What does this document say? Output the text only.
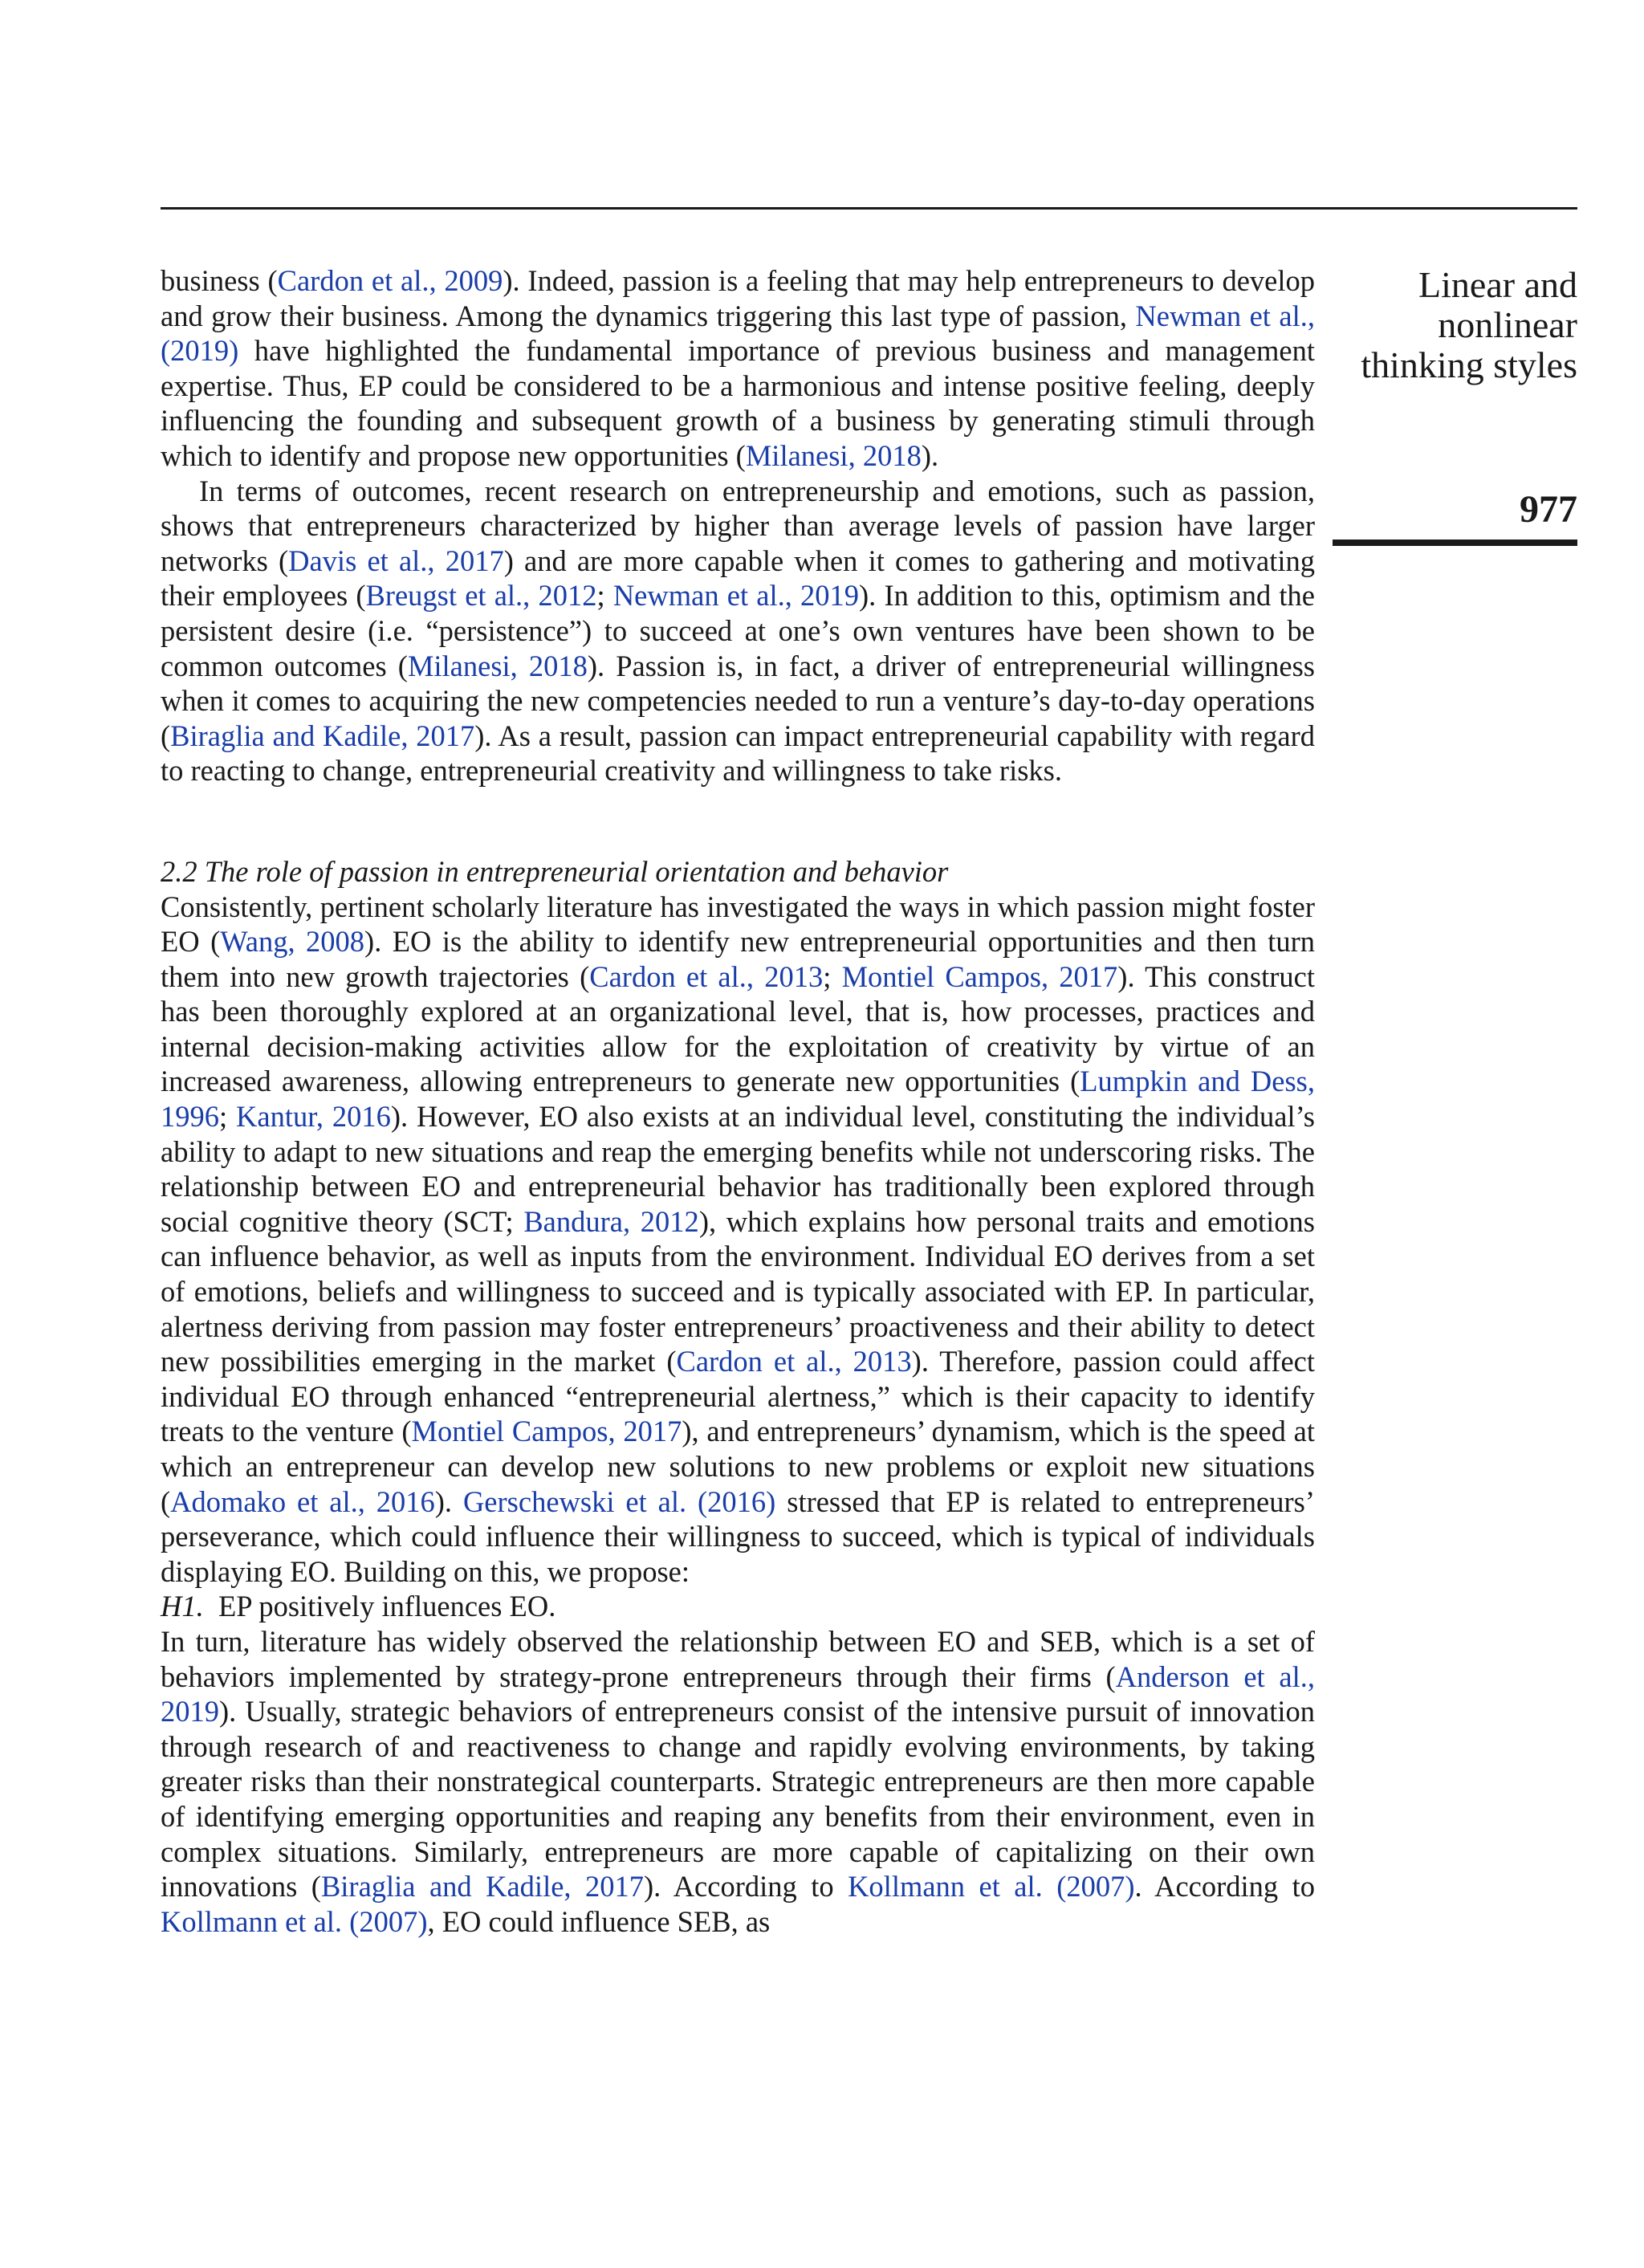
Linear and
nonlinear
thinking styles
977

business (Cardon et al., 2009). Indeed, passion is a feeling that may help entrepreneurs to develop and grow their business. Among the dynamics triggering this last type of passion, Newman et al., (2019) have highlighted the fundamental importance of previous business and management expertise. Thus, EP could be considered to be a harmonious and intense positive feeling, deeply influencing the founding and subsequent growth of a business by generating stimuli through which to identify and propose new opportunities (Milanesi, 2018).

In terms of outcomes, recent research on entrepreneurship and emotions, such as passion, shows that entrepreneurs characterized by higher than average levels of passion have larger networks (Davis et al., 2017) and are more capable when it comes to gathering and motivating their employees (Breugst et al., 2012; Newman et al., 2019). In addition to this, optimism and the persistent desire (i.e. “persistence”) to succeed at one’s own ventures have been shown to be common outcomes (Milanesi, 2018). Passion is, in fact, a driver of entrepreneurial willingness when it comes to acquiring the new competencies needed to run a venture’s day-to-day operations (Biraglia and Kadile, 2017). As a result, passion can impact entrepreneurial capability with regard to reacting to change, entrepreneurial creativity and willingness to take risks.

2.2 The role of passion in entrepreneurial orientation and behavior

Consistently, pertinent scholarly literature has investigated the ways in which passion might foster EO (Wang, 2008). EO is the ability to identify new entrepreneurial opportunities and then turn them into new growth trajectories (Cardon et al., 2013; Montiel Campos, 2017). This construct has been thoroughly explored at an organizational level, that is, how processes, practices and internal decision-making activities allow for the exploitation of creativity by virtue of an increased awareness, allowing entrepreneurs to generate new opportunities (Lumpkin and Dess, 1996; Kantur, 2016). However, EO also exists at an individual level, constituting the individual’s ability to adapt to new situations and reap the emerging benefits while not underscoring risks. The relationship between EO and entrepreneurial behavior has traditionally been explored through social cognitive theory (SCT; Bandura, 2012), which explains how personal traits and emotions can influence behavior, as well as inputs from the environment. Individual EO derives from a set of emotions, beliefs and willingness to succeed and is typically associated with EP. In particular, alertness deriving from passion may foster entrepreneurs’ proactiveness and their ability to detect new possibilities emerging in the market (Cardon et al., 2013). Therefore, passion could affect individual EO through enhanced “entrepreneurial alertness,” which is their capacity to identify treats to the venture (Montiel Campos, 2017), and entrepreneurs’ dynamism, which is the speed at which an entrepreneur can develop new solutions to new problems or exploit new situations (Adomako et al., 2016). Gerschewski et al. (2016) stressed that EP is related to entrepreneurs’ perseverance, which could influence their willingness to succeed, which is typical of individuals displaying EO. Building on this, we propose:

H1. EP positively influences EO.

In turn, literature has widely observed the relationship between EO and SEB, which is a set of behaviors implemented by strategy-prone entrepreneurs through their firms (Anderson et al., 2019). Usually, strategic behaviors of entrepreneurs consist of the intensive pursuit of innovation through research of and reactiveness to change and rapidly evolving environments, by taking greater risks than their nonstrategical counterparts. Strategic entrepreneurs are then more capable of identifying emerging opportunities and reaping any benefits from their environment, even in complex situations. Similarly, entrepreneurs are more capable of capitalizing on their own innovations (Biraglia and Kadile, 2017). According to Kollmann et al. (2007). According to Kollmann et al. (2007), EO could influence SEB, as
